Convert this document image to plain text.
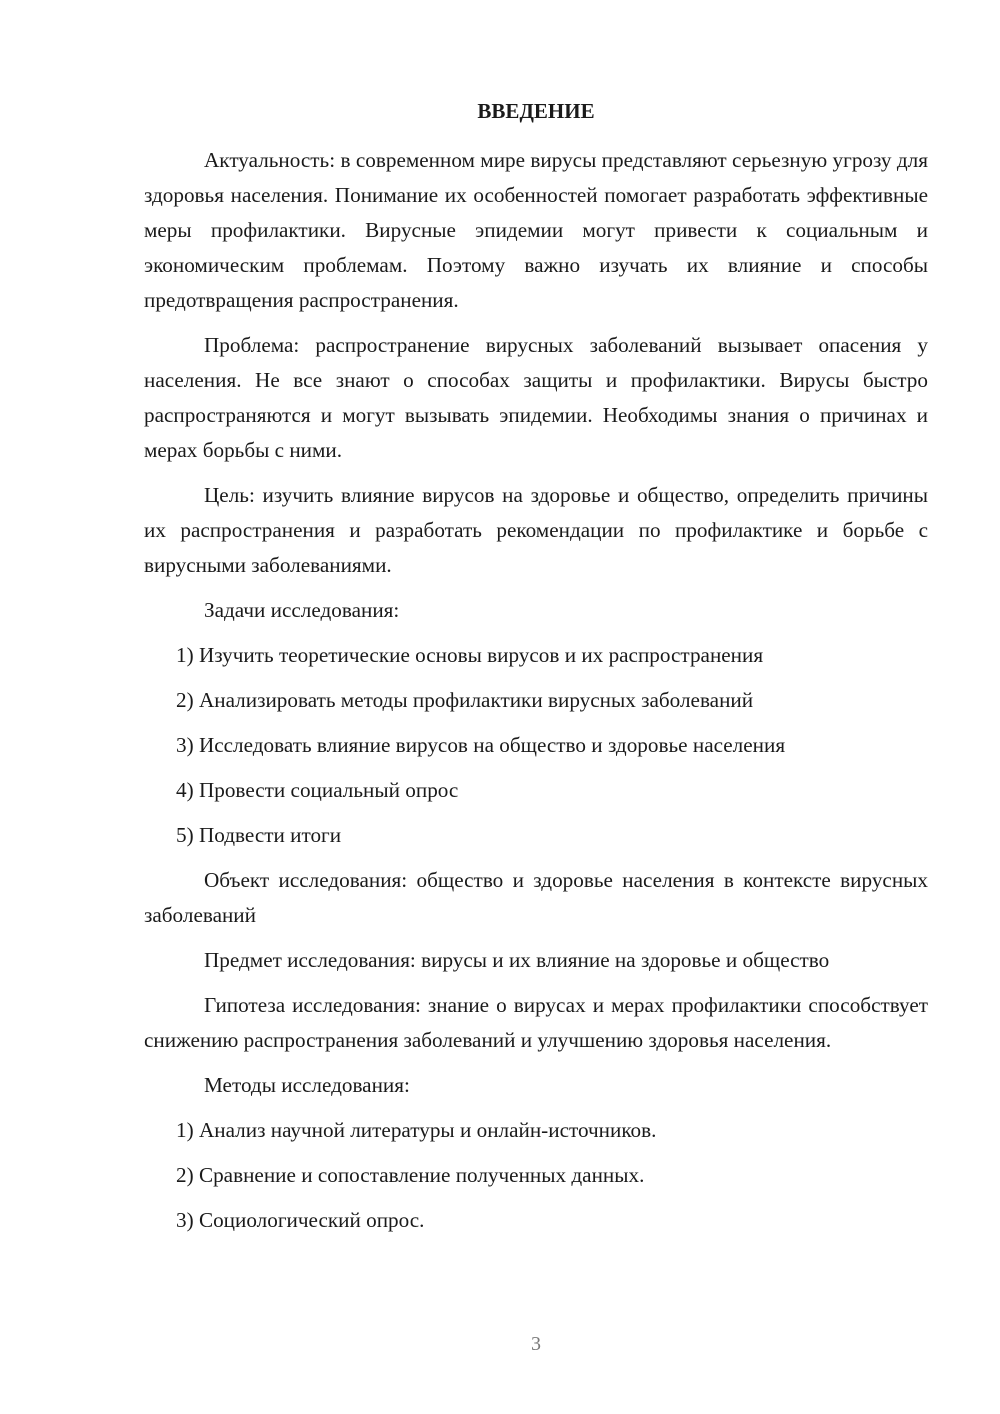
ВВЕДЕНИЕ

Актуальность: в современном мире вирусы представляют серьезную угрозу для здоровья населения. Понимание их особенностей помогает разработать эффективные меры профилактики. Вирусные эпидемии могут привести к социальным и экономическим проблемам. Поэтому важно изучать их влияние и способы предотвращения распространения.

Проблема: распространение вирусных заболеваний вызывает опасения у населения. Не все знают о способах защиты и профилактики. Вирусы быстро распространяются и могут вызывать эпидемии. Необходимы знания о причинах и мерах борьбы с ними.

Цель: изучить влияние вирусов на здоровье и общество, определить причины их распространения и разработать рекомендации по профилактике и борьбе с вирусными заболеваниями.

Задачи исследования:
1) Изучить теоретические основы вирусов и их распространения
2) Анализировать методы профилактики вирусных заболеваний
3) Исследовать влияние вирусов на общество и здоровье населения
4) Провести социальный опрос
5) Подвести итоги

Объект исследования: общество и здоровье населения в контексте вирусных заболеваний

Предмет исследования: вирусы и их влияние на здоровье и общество

Гипотеза исследования: знание о вирусах и мерах профилактики способствует снижению распространения заболеваний и улучшению здоровья населения.

Методы исследования:
1) Анализ научной литературы и онлайн-источников.
2) Сравнение и сопоставление полученных данных.
3) Социологический опрос.
3
